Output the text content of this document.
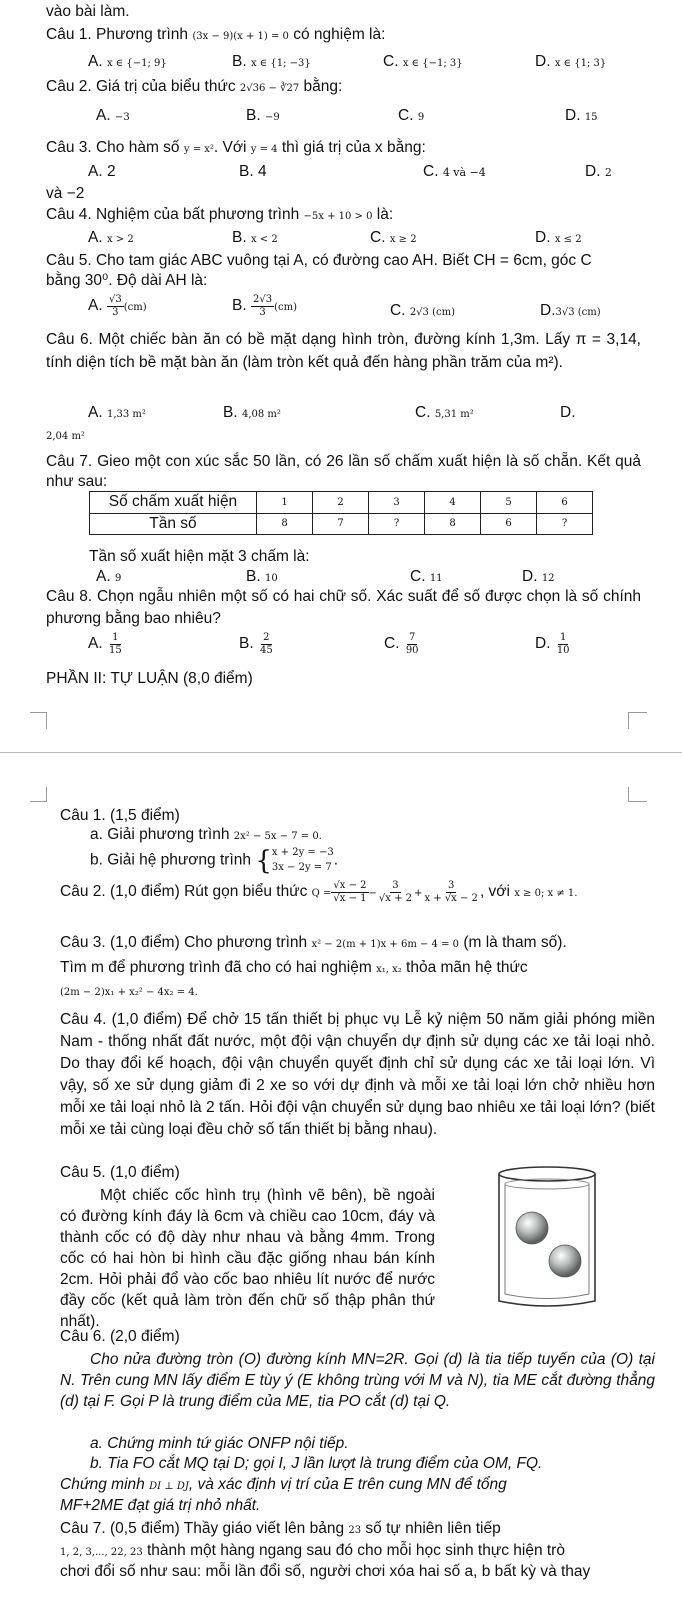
vào bài làm.
Câu 1. Phương trình (3x − 9)(x + 1) = 0 có nghiệm là:
A. x ∈ {−1; 9}	B. x ∈ {1; −3}	C. x ∈ {−1; 3}	D. x ∈ {1; 3}
Câu 2. Giá trị của biểu thức 2√36 − ∛27 bằng:
A. −3	B. −9	C. 9	D. 15
Câu 3. Cho hàm số y = x². Với y = 4 thì giá trị của x bằng:
A. 2	B. 4	C. 4 và −4	D. 2
và −2
Câu 4. Nghiệm của bất phương trình −5x + 10 > 0 là:
A. x > 2	B. x < 2	C. x ≥ 2	D. x ≤ 2
Câu 5. Cho tam giác ABC vuông tại A, có đường cao AH. Biết CH = 6cm, góc C
bằng 30⁰. Độ dài AH là:
A. $\frac{√3}{3} (cm)$	B. $\frac{2√3}{3} (cm)$	C. 2√3 (cm)	D.3√3 (cm)
Câu 6. Một chiếc bàn ăn có bề mặt dạng hình tròn, đường kính 1,3m. Lấy π = 3,14, tính diện tích bề mặt bàn ăn (làm tròn kết quả đến hàng phần trăm của m²).
A. 1,33 m²	B. 4,08 m²	C. 5,31 m²	D.
2,04 m²
Câu 7. Gieo một con xúc sắc 50 lần, có 26 lần số chấm xuất hiện là số chẵn. Kết quả như sau:
Số chấm xuất hiện	1	2	3	4	5	6
Tần số	8	7	?	8	6	?
Tần số xuất hiện mặt 3 chấm là:
A. 9	B. 10	C. 11	D. 12
Câu 8. Chọn ngẫu nhiên một số có hai chữ số. Xác suất để số được chọn là số chính phương bằng bao nhiêu?
A. $\frac{1}{15}$	B. $\frac{2}{45}$	C. $\frac{7}{90}$	D. $\frac{1}{10}$
PHẦN II: TỰ LUẬN (8,0 điểm)
Câu 1. (1,5 điểm)
a. Giải phương trình 2x² − 5x − 7 = 0.
b. Giải hệ phương trình { x + 2y = −3
3x − 2y = 7 .
Câu 2. (1,0 điểm) Rút gọn biểu thức $Q = \frac{√x - 2}{√x - 1} - \frac{3}{√x + 2} + \frac{3}{x + √x - 2}$ , với x ≥ 0; x ≠ 1.
Câu 3. (1,0 điểm) Cho phương trình x² − 2(m + 1)x + 6m − 4 = 0 (m là tham số).
Tìm m để phương trình đã cho có hai nghiệm x₁, x₂ thỏa mãn hệ thức
(2m − 2)x₁ + x₂² − 4x₂ = 4.
Câu 4. (1,0 điểm) Để chở 15 tấn thiết bị phục vụ Lễ kỷ niệm 50 năm giải phóng miền Nam - thống nhất đất nước, một đội vận chuyển dự định sử dụng các xe tải loại nhỏ. Do thay đổi kế hoạch, đội vận chuyển quyết định chỉ sử dụng các xe tải loại lớn. Vì vậy, số xe sử dụng giảm đi 2 xe so với dự định và mỗi xe tải loại lớn chở nhiều hơn mỗi xe tải loại nhỏ là 2 tấn. Hỏi đội vận chuyển sử dụng bao nhiêu xe tải loại lớn? (biết mỗi xe tải cùng loại đều chở số tấn thiết bị bằng nhau).
Câu 5. (1,0 điểm)
Một chiếc cốc hình trụ (hình vẽ bên), bề ngoài có đường kính đáy là 6cm và chiều cao 10cm, đáy và thành cốc có độ dày như nhau và bằng 4mm. Trong cốc có hai hòn bi hình cầu đặc giống nhau bán kính 2cm. Hỏi phải đổ vào cốc bao nhiêu lít nước để nước đầy cốc (kết quả làm tròn đến chữ số thập phân thứ nhất).
Câu 6. (2,0 điểm)
Cho nửa đường tròn (O) đường kính MN=2R. Gọi (d) là tia tiếp tuyến của (O) tại N. Trên cung MN lấy điểm E tùy ý (E không trùng với M và N), tia ME cắt đường thẳng (d) tại F. Gọi P là trung điểm của ME, tia PO cắt (d) tại Q.
a. Chứng minh tứ giác ONFP nội tiếp.
b. Tia FO cắt MQ tại D; gọi I, J lần lượt là trung điểm của OM, FQ.
Chứng minh DI ⊥ DJ, và xác định vị trí của E trên cung MN để tổng
MF+2ME đạt giá trị nhỏ nhất.
Câu 7. (0,5 điểm) Thầy giáo viết lên bảng 23 số tự nhiên liên tiếp
1, 2, 3,..., 22, 23 thành một hàng ngang sau đó cho mỗi học sinh thực hiện trò
chơi đổi số như sau: mỗi lần đổi số, người chơi xóa hai số a, b bất kỳ và thay
